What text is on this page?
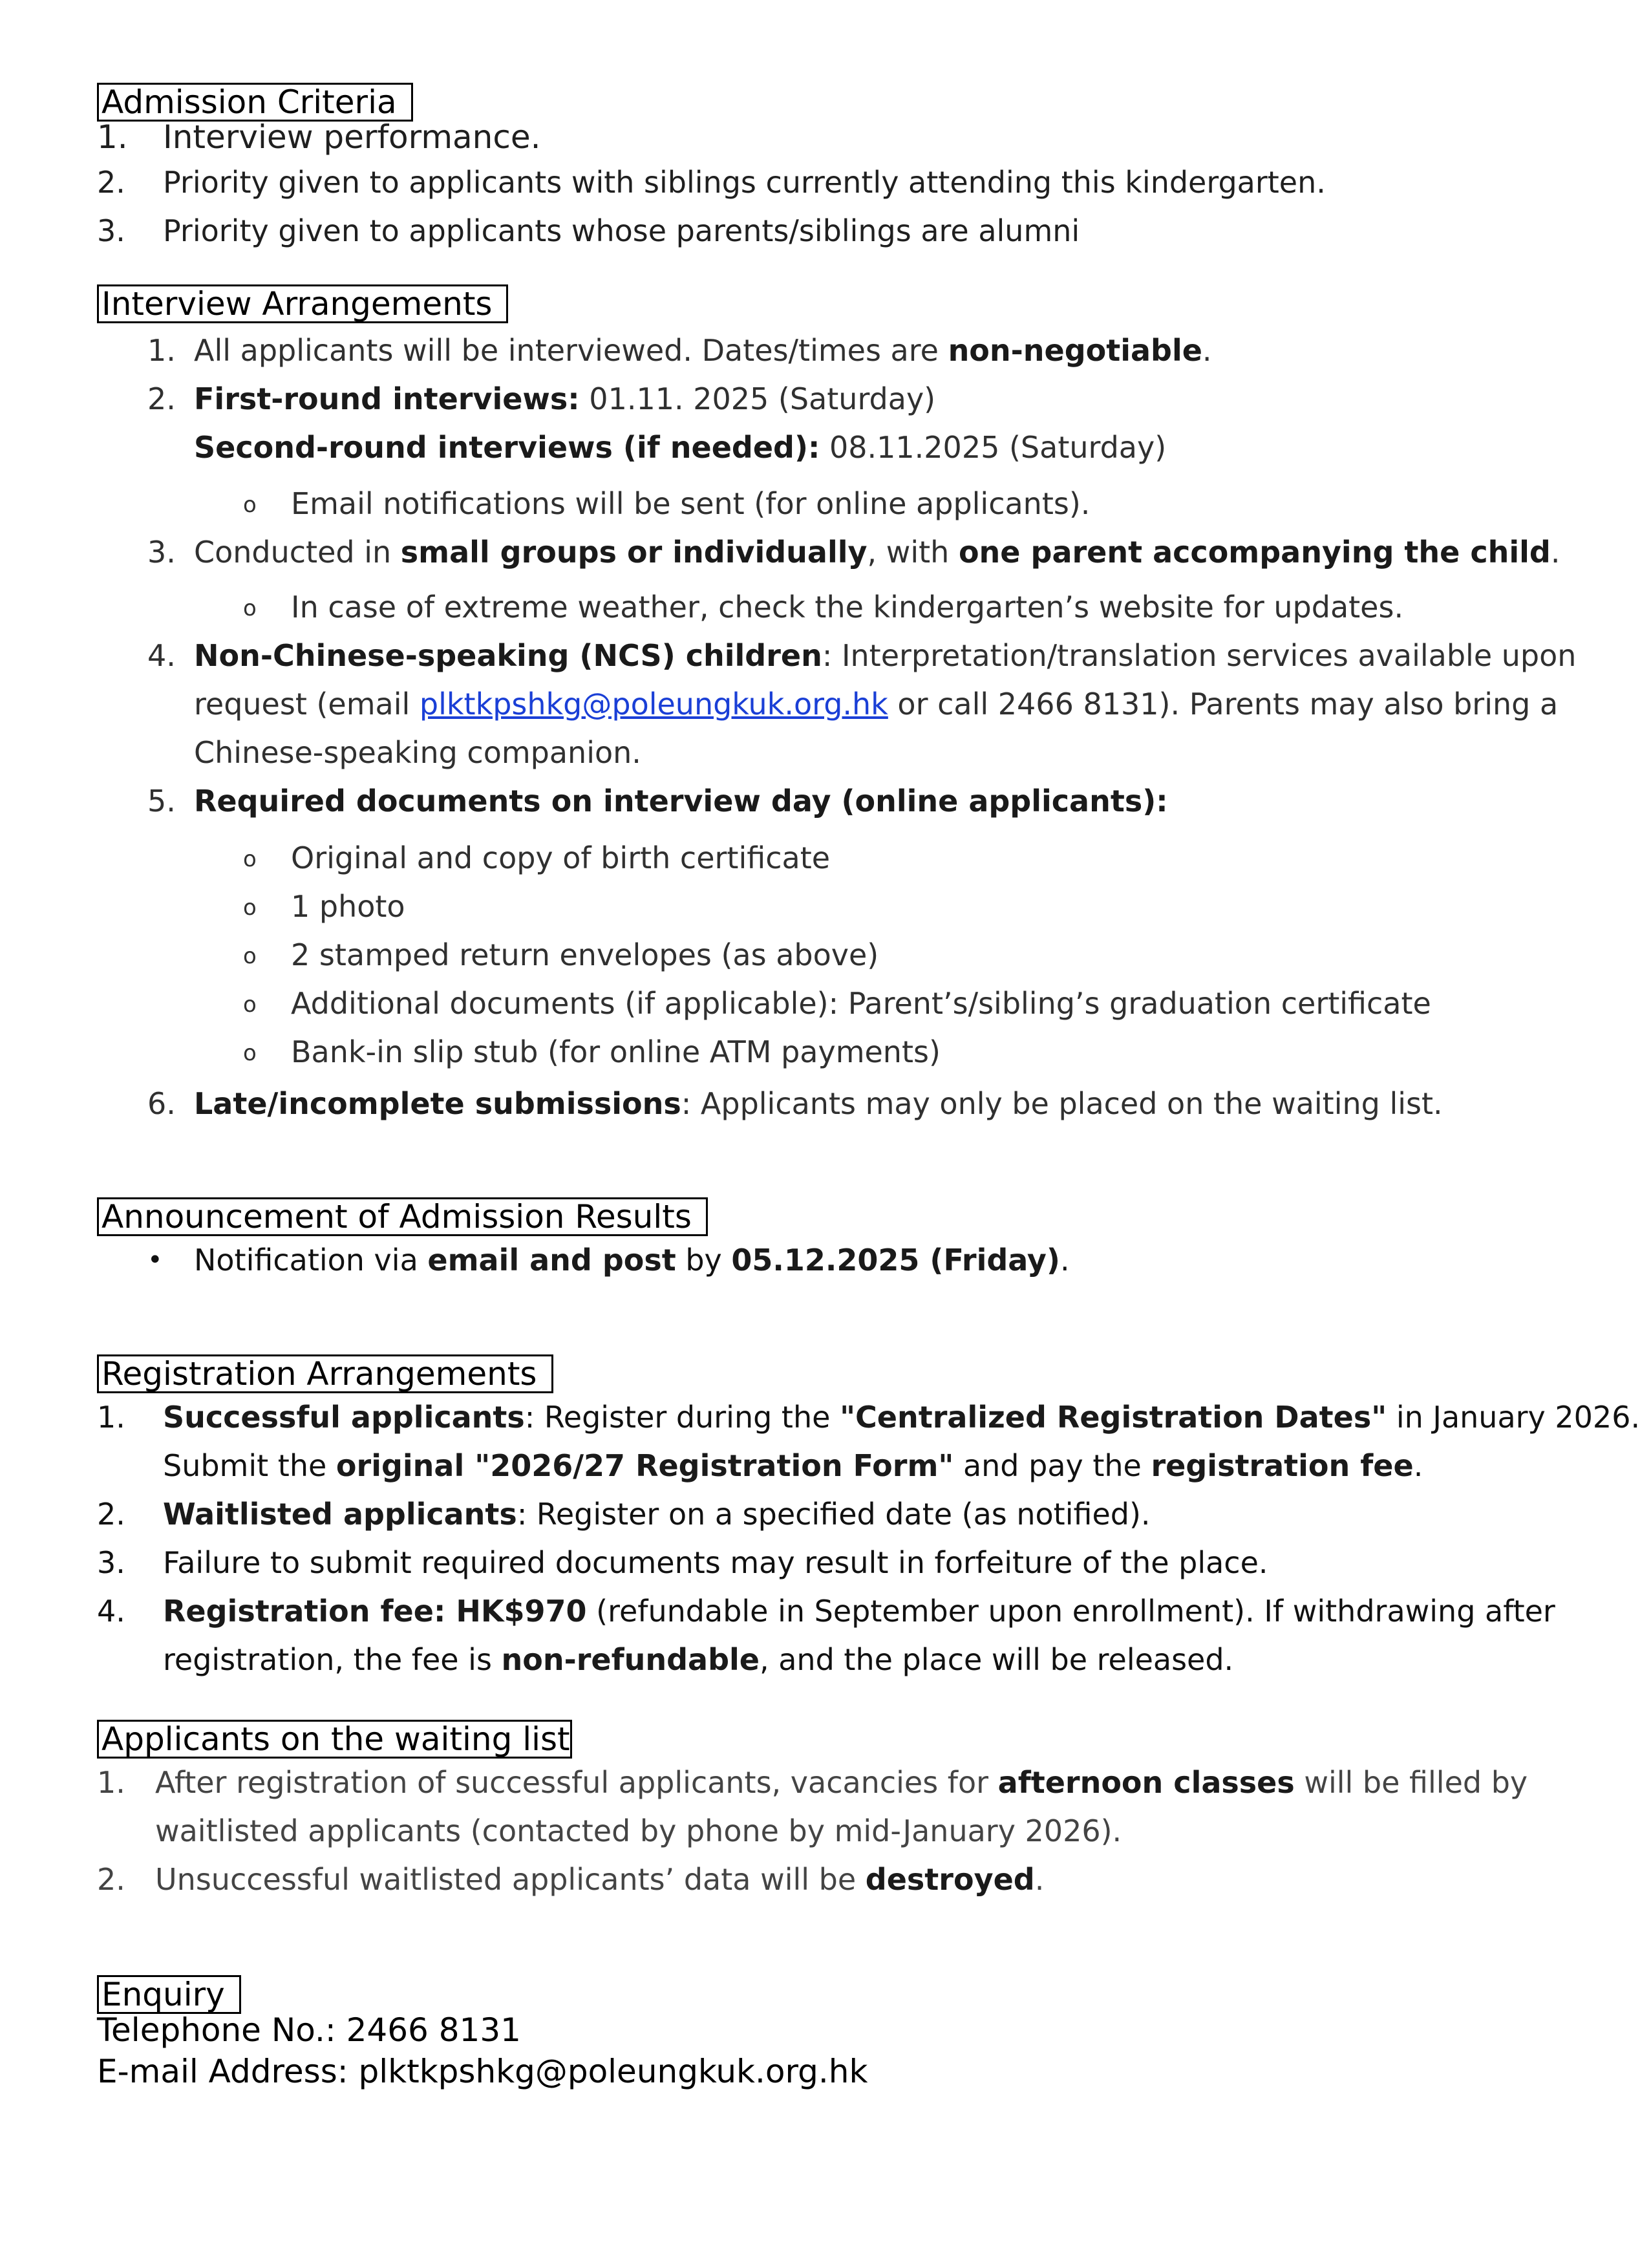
Admission Criteria
1. Interview performance.
2. Priority given to applicants with siblings currently attending this kindergarten.
3. Priority given to applicants whose parents/siblings are alumni
Interview Arrangements
1. All applicants will be interviewed. Dates/times are non-negotiable.
2. First-round interviews: 01.11. 2025 (Saturday)
Second-round interviews (if needed): 08.11.2025 (Saturday)
o Email notifications will be sent (for online applicants).
3. Conducted in small groups or individually, with one parent accompanying the child.
o In case of extreme weather, check the kindergarten’s website for updates.
4. Non-Chinese-speaking (NCS) children: Interpretation/translation services available upon
request (email plktkpshkg@poleungkuk.org.hk or call 2466 8131). Parents may also bring a
Chinese-speaking companion.
5. Required documents on interview day (online applicants):
o Original and copy of birth certificate
o 1 photo
o 2 stamped return envelopes (as above)
o Additional documents (if applicable): Parent’s/sibling’s graduation certificate
o Bank-in slip stub (for online ATM payments)
6. Late/incomplete submissions: Applicants may only be placed on the waiting list.
Announcement of Admission Results
• Notification via email and post by 05.12.2025 (Friday).
Registration Arrangements
1. Successful applicants: Register during the "Centralized Registration Dates" in January 2026.
Submit the original "2026/27 Registration Form" and pay the registration fee.
2. Waitlisted applicants: Register on a specified date (as notified).
3. Failure to submit required documents may result in forfeiture of the place.
4. Registration fee: HK$970 (refundable in September upon enrollment). If withdrawing after
registration, the fee is non-refundable, and the place will be released.
Applicants on the waiting list
1. After registration of successful applicants, vacancies for afternoon classes will be filled by
waitlisted applicants (contacted by phone by mid-January 2026).
2. Unsuccessful waitlisted applicants’ data will be destroyed.
Enquiry
Telephone No.: 2466 8131
E-mail Address: plktkpshkg@poleungkuk.org.hk
